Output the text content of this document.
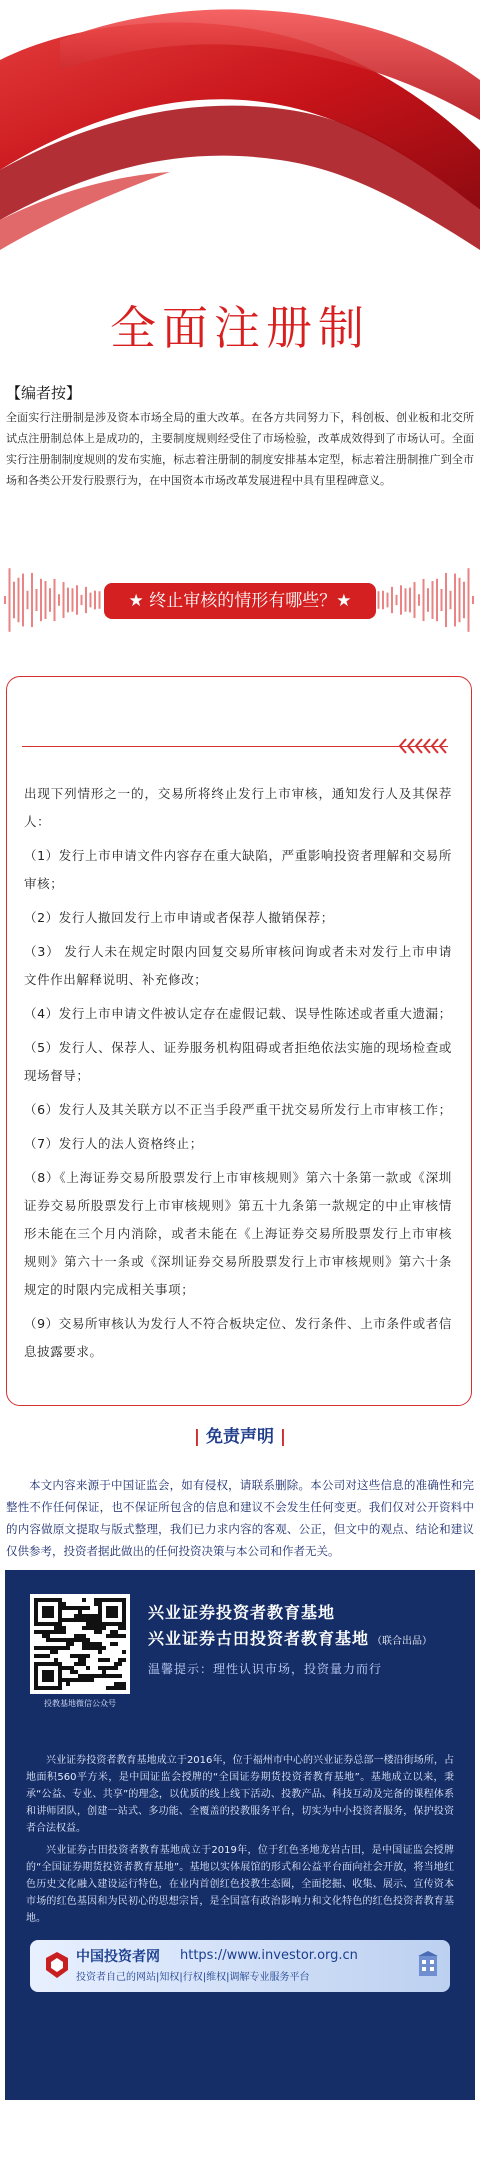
全面注册制
【编者按】
全面实行注册制是涉及资本市场全局的重大改革。在各方共同努力下，科创板、创业板和北交所试点注册制总体上是成功的，主要制度规则经受住了市场检验，改革成效得到了市场认可。全面实行注册制制度规则的发布实施，标志着注册制的制度安排基本定型，标志着注册制推广到全市场和各类公开发行股票行为，在中国资本市场改革发展进程中具有里程碑意义。
★ 终止审核的情形有哪些？★

出现下列情形之一的，交易所将终止发行上市审核，通知发行人及其保荐人：

（1）发行上市申请文件内容存在重大缺陷，严重影响投资者理解和交易所审核；

（2）发行人撤回发行上市申请或者保荐人撤销保荐；

（3） 发行人未在规定时限内回复交易所审核问询或者未对发行上市申请文件作出解释说明、补充修改；

（4）发行上市申请文件被认定存在虚假记载、误导性陈述或者重大遗漏；

（5）发行人、保荐人、证券服务机构阻碍或者拒绝依法实施的现场检查或现场督导；

（6）发行人及其关联方以不正当手段严重干扰交易所发行上市审核工作；

（7）发行人的法人资格终止；

（8）《上海证券交易所股票发行上市审核规则》第六十条第一款或《深圳证券交易所股票发行上市审核规则》第五十九条第一款规定的中止审核情形未能在三个月内消除，或者未能在《上海证券交易所股票发行上市审核规则》第六十一条或《深圳证券交易所股票发行上市审核规则》第六十条规定的时限内完成相关事项；

（9）交易所审核认为发行人不符合板块定位、发行条件、上市条件或者信息披露要求。

| 免责声明 |
本文内容来源于中国证监会，如有侵权，请联系删除。本公司对这些信息的准确性和完整性不作任何保证，也不保证所包含的信息和建议不会发生任何变更。我们仅对公开资料中的内容做原文提取与版式整理，我们已力求内容的客观、公正，但文中的观点、结论和建议仅供参考，投资者据此做出的任何投资决策与本公司和作者无关。
投教基地微信公众号
兴业证券投资者教育基地
兴业证券古田投资者教育基地 （联合出品）
温馨提示：理性认识市场，投资量力而行
兴业证券投资者教育基地成立于2016年，位于福州市中心的兴业证券总部一楼沿街场所，占地面积560平方米，是中国证监会授牌的“全国证券期货投资者教育基地”。基地成立以来，秉承“公益、专业、共享”的理念，以优质的线上线下活动、投教产品、科技互动及完备的课程体系和讲师团队，创建一站式、多功能、全覆盖的投教服务平台，切实为中小投资者服务，保护投资者合法权益。
兴业证券古田投资者教育基地成立于2019年，位于红色圣地龙岩古田，是中国证监会授牌的“全国证券期货投资者教育基地”。基地以实体展馆的形式和公益平台面向社会开放，将当地红色历史文化融入建设运行特色，在业内首创红色投教生态圈，全面挖掘、收集、展示、宣传资本市场的红色基因和为民初心的思想宗旨，是全国富有政治影响力和文化特色的红色投资者教育基地。
中国投资者网 https://www.investor.org.cn
投资者自己的网站|知权|行权|维权|调解专业服务平台
